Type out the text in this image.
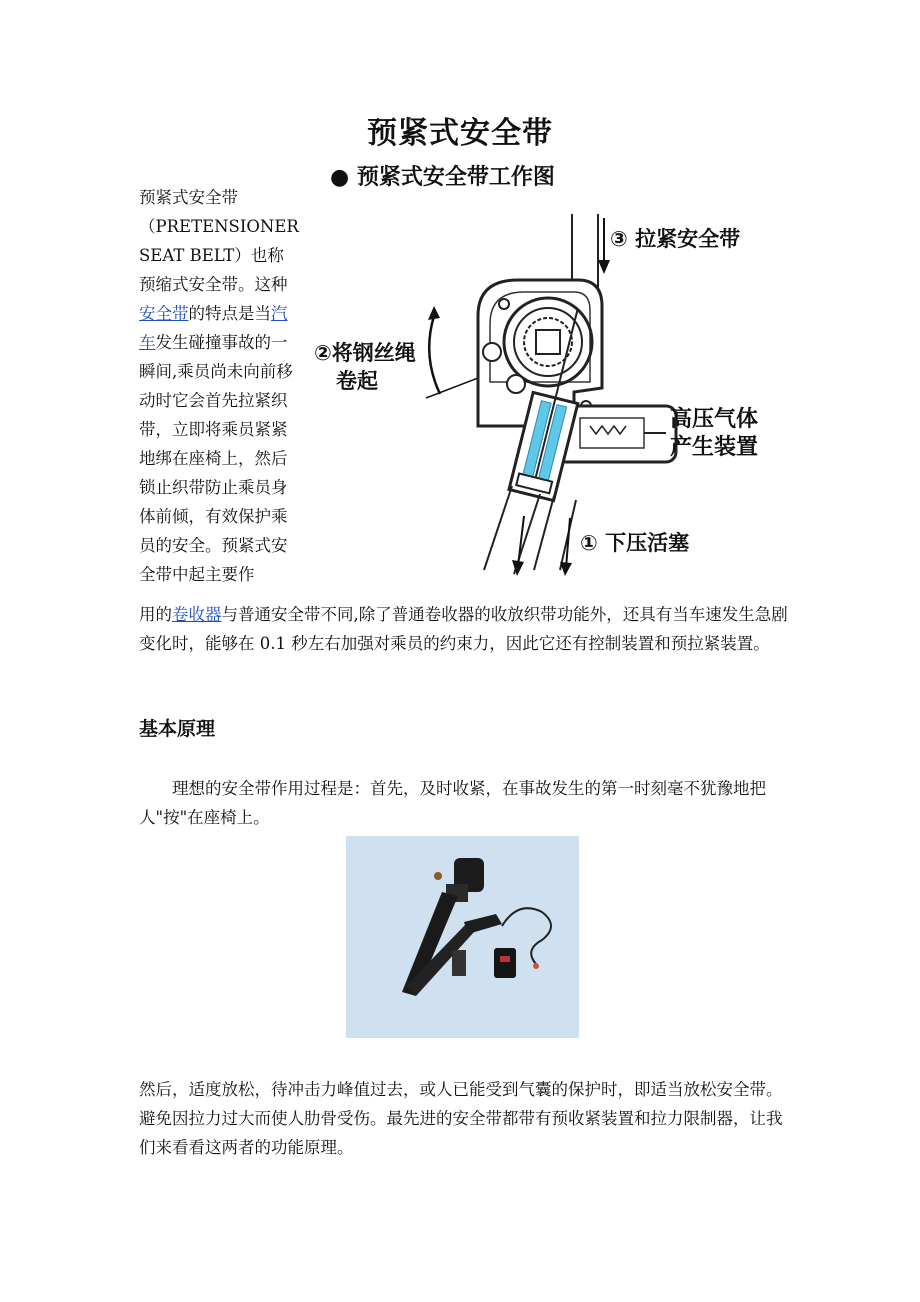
预紧式安全带
预紧式安全带（PRETENSIONER SEAT BELT）也称预缩式安全带。这种安全带的特点是当汽车发生碰撞事故的一瞬间,乘员尚未向前移动时它会首先拉紧织带，立即将乘员紧紧地绑在座椅上，然后锁止织带防止乘员身体前倾，有效保护乘员的安全。预紧式安全带中起主要作
● 预紧式安全带工作图
③ 拉紧安全带
高压气体
产生装置
① 下压活塞
②将钢丝绳
卷起
用的卷收器与普通安全带不同,除了普通卷收器的收放织带功能外，还具有当车速发生急剧变化时，能够在 0.1 秒左右加强对乘员的约束力，因此它还有控制装置和预拉紧装置。
基本原理
理想的安全带作用过程是：首先，及时收紧，在事故发生的第一时刻毫不犹豫地把人"按"在座椅上。
然后，适度放松，待冲击力峰值过去，或人已能受到气囊的保护时，即适当放松安全带。避免因拉力过大而使人肋骨受伤。最先进的安全带都带有预收紧装置和拉力限制器，让我们来看看这两者的功能原理。
